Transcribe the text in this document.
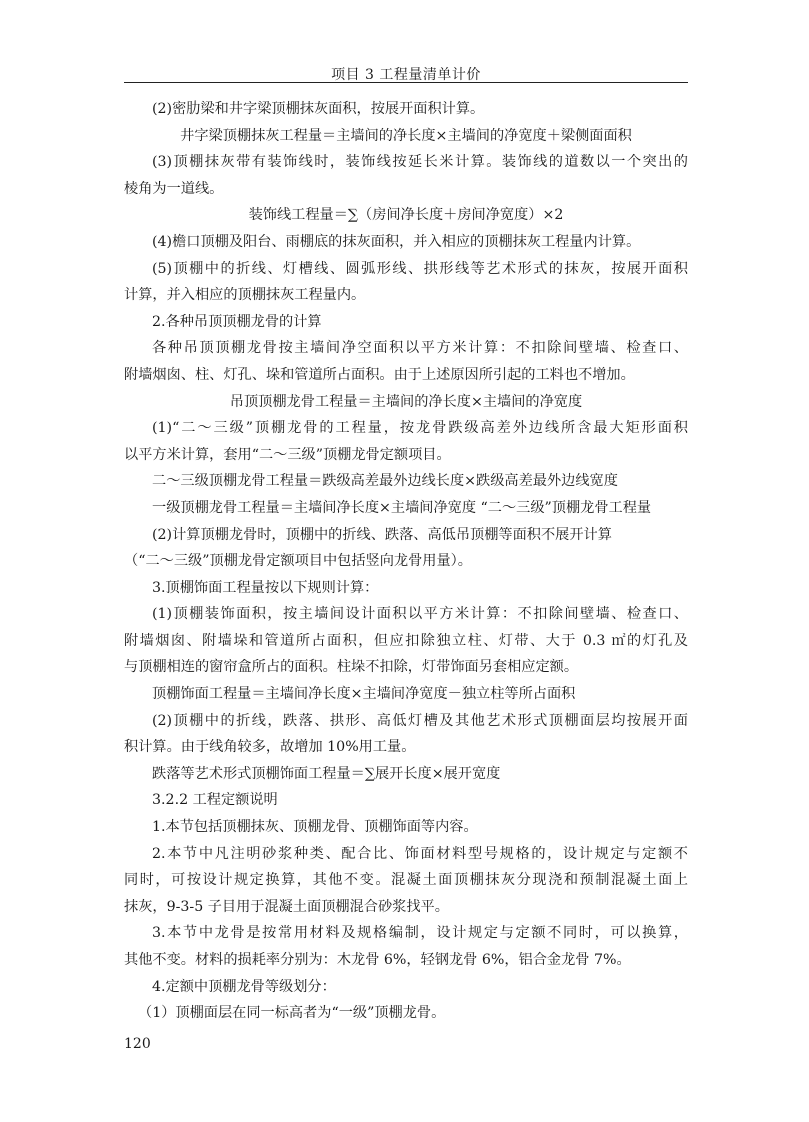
项目 3 工程量清单计价
(2)密肋梁和井字梁顶棚抹灰面积，按展开面积计算。
井字梁顶棚抹灰工程量＝主墙间的净长度×主墙间的净宽度＋梁侧面面积
(3)顶棚抹灰带有装饰线时，装饰线按延长米计算。装饰线的道数以一个突出的
棱角为一道线。
装饰线工程量＝∑（房间净长度＋房间净宽度）×2
(4)檐口顶棚及阳台、雨棚底的抹灰面积，并入相应的顶棚抹灰工程量内计算。
(5)顶棚中的折线、灯槽线、圆弧形线、拱形线等艺术形式的抹灰，按展开面积
计算，并入相应的顶棚抹灰工程量内。
2.各种吊顶顶棚龙骨的计算
各种吊顶顶棚龙骨按主墙间净空面积以平方米计算：不扣除间壁墙、检查口、
附墙烟囱、柱、灯孔、垛和管道所占面积。由于上述原因所引起的工料也不增加。
吊顶顶棚龙骨工程量＝主墙间的净长度×主墙间的净宽度
(1)“二～三级”顶棚龙骨的工程量，按龙骨跌级高差外边线所含最大矩形面积
以平方米计算，套用“二～三级”顶棚龙骨定额项目。
二～三级顶棚龙骨工程量＝跌级高差最外边线长度×跌级高差最外边线宽度
一级顶棚龙骨工程量＝主墙间净长度×主墙间净宽度 “二～三级”顶棚龙骨工程量
(2)计算顶棚龙骨时，顶棚中的折线、跌落、高低吊顶棚等面积不展开计算
（“二～三级”顶棚龙骨定额项目中包括竖向龙骨用量）。
3.顶棚饰面工程量按以下规则计算：
(1)顶棚装饰面积，按主墙间设计面积以平方米计算：不扣除间壁墙、检查口、
附墙烟囱、附墙垛和管道所占面积，但应扣除独立柱、灯带、大于 0.3 ㎡的灯孔及
与顶棚相连的窗帘盒所占的面积。柱垛不扣除，灯带饰面另套相应定额。
顶棚饰面工程量＝主墙间净长度×主墙间净宽度－独立柱等所占面积
(2)顶棚中的折线，跌落、拱形、高低灯槽及其他艺术形式顶棚面层均按展开面
积计算。由于线角较多，故增加 10%用工量。
跌落等艺术形式顶棚饰面工程量＝∑展开长度×展开宽度
3.2.2 工程定额说明
1.本节包括顶棚抹灰、顶棚龙骨、顶棚饰面等内容。
2.本节中凡注明砂浆种类、配合比、饰面材料型号规格的，设计规定与定额不
同时，可按设计规定换算，其他不变。混凝土面顶棚抹灰分现浇和预制混凝土面上
抹灰，9-3-5 子目用于混凝土面顶棚混合砂浆找平。
3.本节中龙骨是按常用材料及规格编制，设计规定与定额不同时，可以换算，
其他不变。材料的损耗率分别为：木龙骨 6%，轻钢龙骨 6%，铝合金龙骨 7%。
4.定额中顶棚龙骨等级划分：
（1）顶棚面层在同一标高者为“一级”顶棚龙骨。
120
